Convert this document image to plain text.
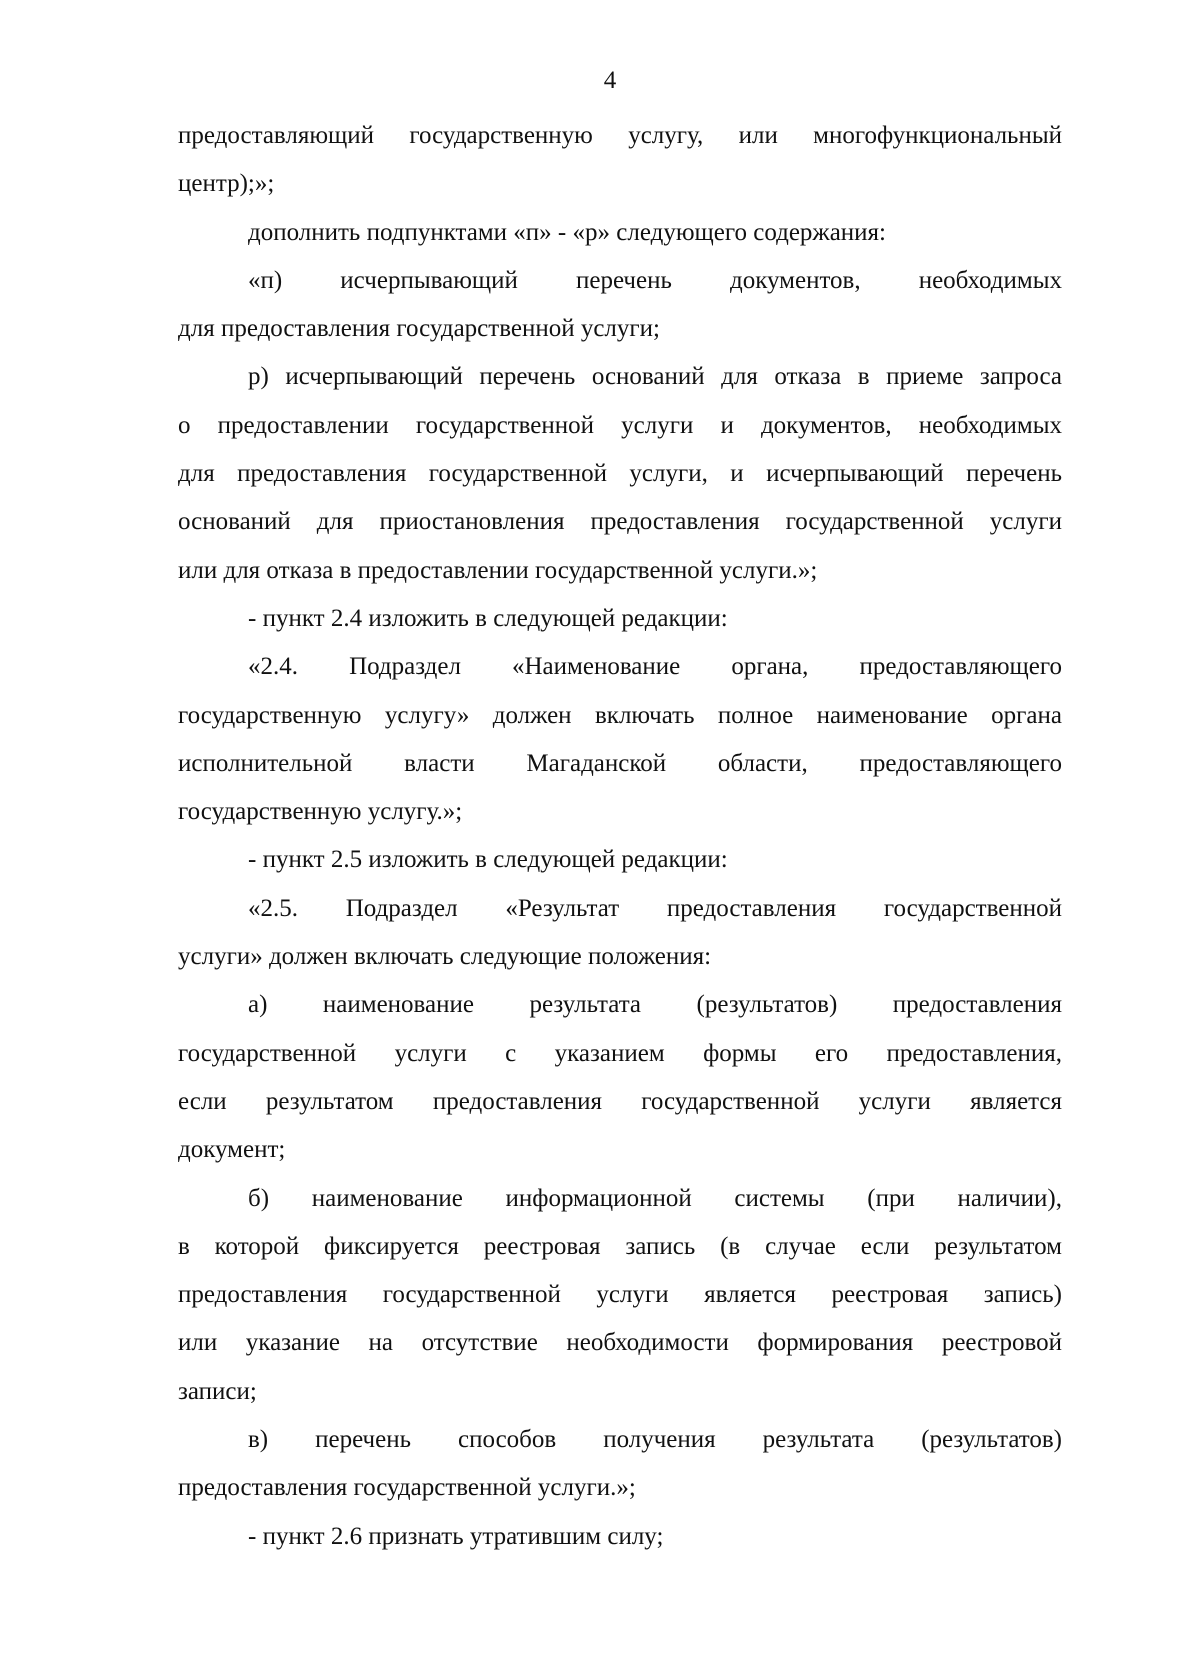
4
предоставляющий государственную услугу, или многофункциональный
центр);»;
дополнить подпунктами «п» - «р» следующего содержания:
«п) исчерпывающий перечень документов, необходимых
для предоставления государственной услуги;
р) исчерпывающий перечень оснований для отказа в приеме запроса
о предоставлении государственной услуги и документов, необходимых
для предоставления государственной услуги, и исчерпывающий перечень
оснований для приостановления предоставления государственной услуги
или для отказа в предоставлении государственной услуги.»;
- пункт 2.4 изложить в следующей редакции:
«2.4. Подраздел «Наименование органа, предоставляющего
государственную услугу» должен включать полное наименование органа
исполнительной власти Магаданской области, предоставляющего
государственную услугу.»;
- пункт 2.5 изложить в следующей редакции:
«2.5. Подраздел «Результат предоставления государственной
услуги» должен включать следующие положения:
а) наименование результата (результатов) предоставления
государственной услуги с указанием формы его предоставления,
если результатом предоставления государственной услуги является
документ;
б) наименование информационной системы (при наличии),
в которой фиксируется реестровая запись (в случае если результатом
предоставления государственной услуги является реестровая запись)
или указание на отсутствие необходимости формирования реестровой
записи;
в) перечень способов получения результата (результатов)
предоставления государственной услуги.»;
- пункт 2.6 признать утратившим силу;
